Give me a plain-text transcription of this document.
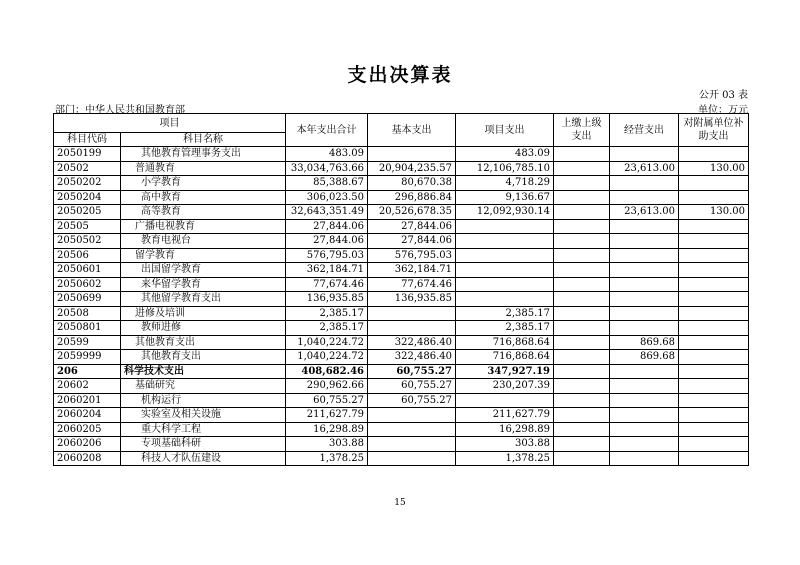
支出决算表
公开 03 表
部门：中华人民共和国教育部	单位：万元
项目		本年支出合计	基本支出	项目支出	上缴上级支出	经营支出	对附属单位补助支出
科目代码	科目名称						
2050199	其他教育管理事务支出	483.09		483.09			
20502	普通教育	33,034,763.66	20,904,235.57	12,106,785.10		23,613.00	130.00
2050202	小学教育	85,388.67	80,670.38	4,718.29			
2050204	高中教育	306,023.50	296,886.84	9,136.67			
2050205	高等教育	32,643,351.49	20,526,678.35	12,092,930.14		23,613.00	130.00
20505	广播电视教育	27,844.06	27,844.06				
2050502	教育电视台	27,844.06	27,844.06				
20506	留学教育	576,795.03	576,795.03				
2050601	出国留学教育	362,184.71	362,184.71				
2050602	来华留学教育	77,674.46	77,674.46				
2050699	其他留学教育支出	136,935.85	136,935.85				
20508	进修及培训	2,385.17		2,385.17			
2050801	教师进修	2,385.17		2,385.17			
20599	其他教育支出	1,040,224.72	322,486.40	716,868.64		869.68	
2059999	其他教育支出	1,040,224.72	322,486.40	716,868.64		869.68	
206	科学技术支出	408,682.46	60,755.27	347,927.19			
20602	基础研究	290,962.66	60,755.27	230,207.39			
2060201	机构运行	60,755.27	60,755.27				
2060204	实验室及相关设施	211,627.79		211,627.79			
2060205	重大科学工程	16,298.89		16,298.89			
2060206	专项基础科研	303.88		303.88			
2060208	科技人才队伍建设	1,378.25		1,378.25			
15
